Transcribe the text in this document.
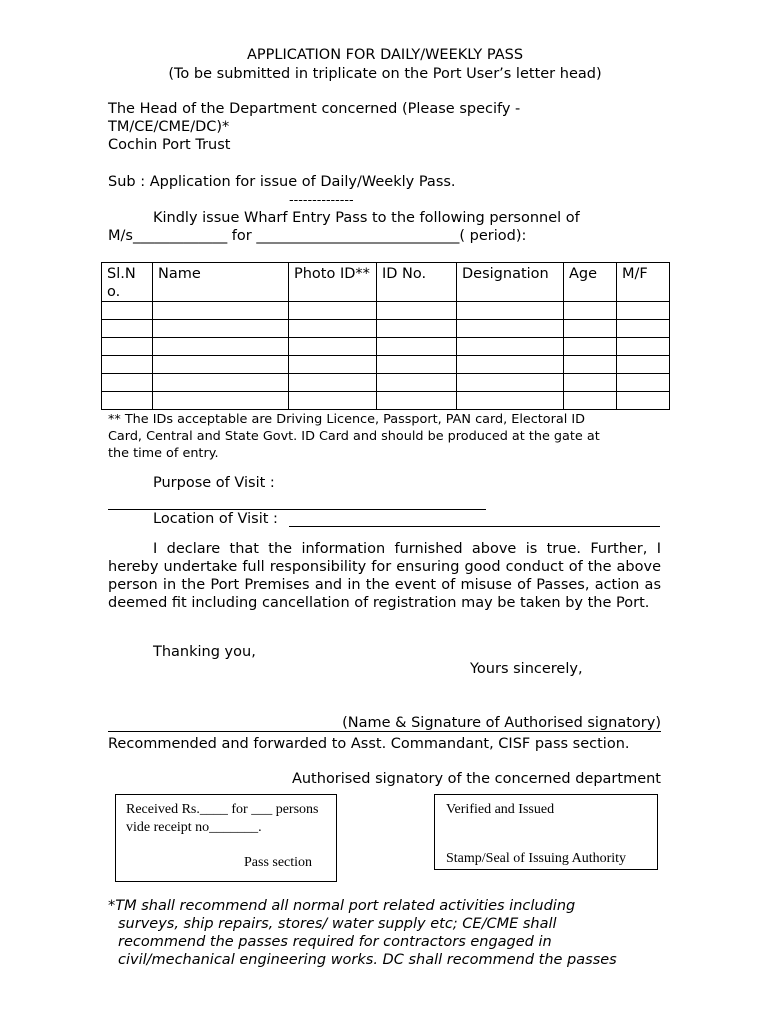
APPLICATION FOR DAILY/WEEKLY PASS
(To be submitted in triplicate on the Port User’s letter head)
The Head of the Department concerned (Please specify -
TM/CE/CME/DC)*
Cochin Port Trust
Sub : Application for issue of Daily/Weekly Pass.
--------------
Kindly issue Wharf Entry Pass to the following personnel of
M/s_____________ for ____________________________( period):
Sl.No.	Name	Photo ID**	ID No.	Designation	Age	M/F

** The IDs acceptable are Driving Licence, Passport, PAN card, Electoral ID
Card, Central and State Govt. ID Card and should be produced at the gate at
the time of entry.
Purpose of Visit :
Location of Visit :
I declare that the information furnished above is true. Further, I hereby undertake full responsibility for ensuring good conduct of the above person in the Port Premises and in the event of misuse of Passes, action as deemed fit including cancellation of registration may be taken by the Port.
Thanking you,
Yours sincerely,
(Name & Signature of Authorised signatory)
Recommended and forwarded to Asst. Commandant, CISF pass section.
Authorised signatory of the concerned department
Received Rs.____ for ___ persons
vide receipt no_______.
Pass section
Verified and Issued
Stamp/Seal of Issuing Authority
*TM shall recommend all normal port related activities including
surveys, ship repairs, stores/ water supply etc; CE/CME shall
recommend the passes required for contractors engaged in
civil/mechanical engineering works. DC shall recommend the passes
